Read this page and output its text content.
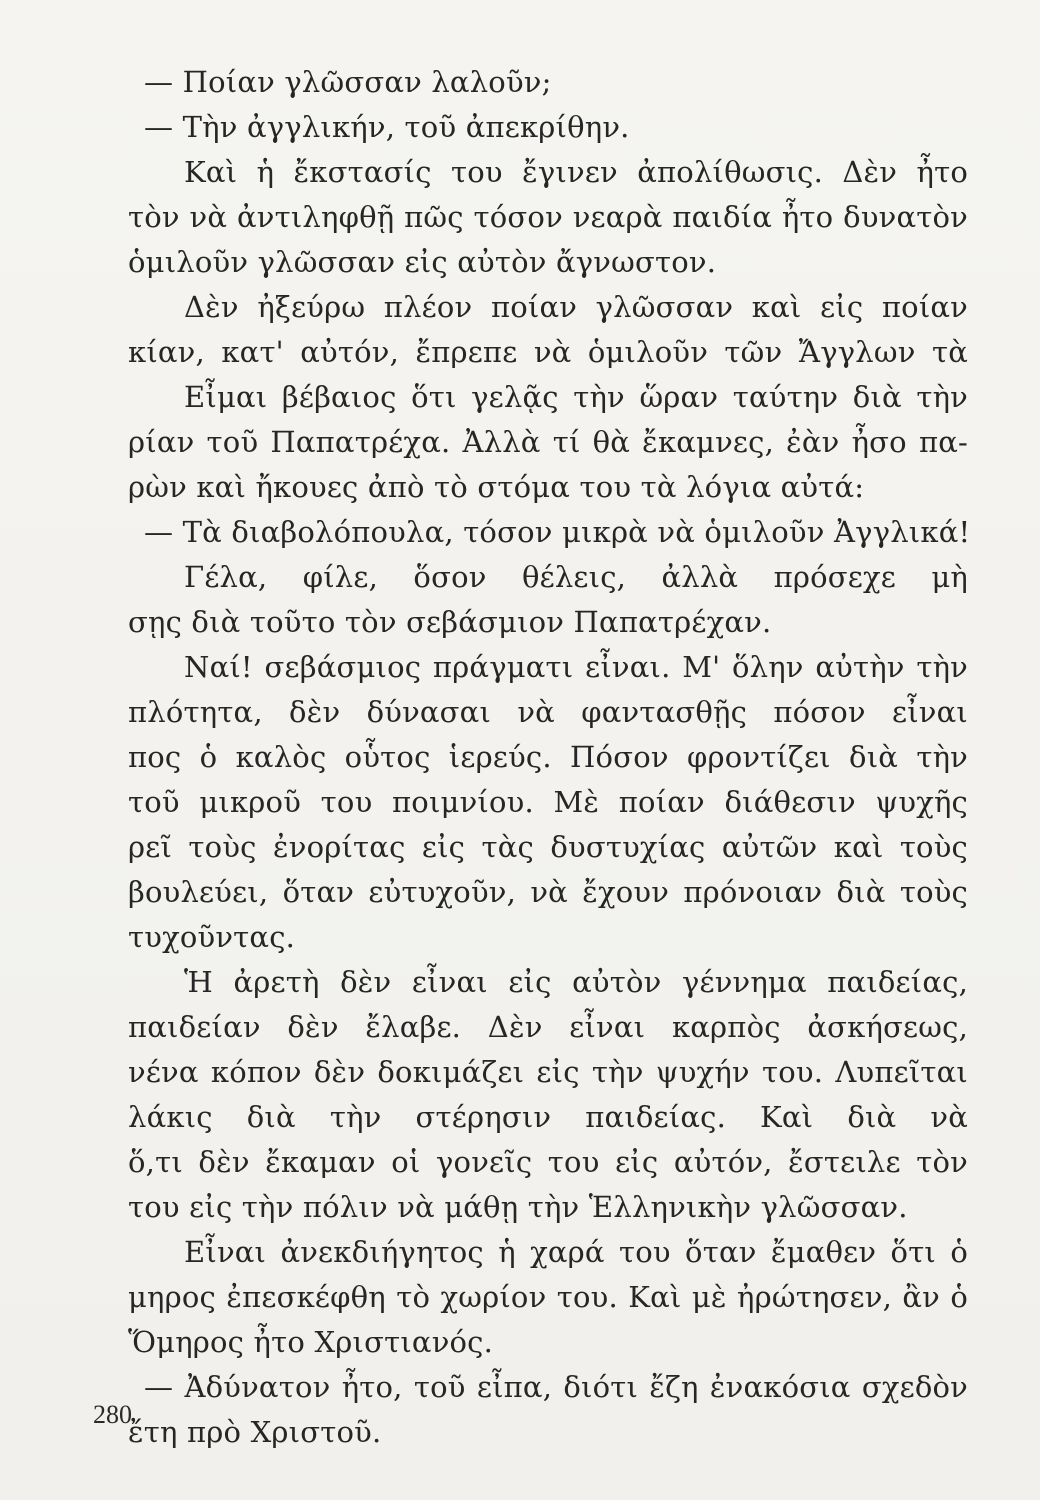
— Ποίαν γλῶσσαν λαλοῦν;
— Τὴν ἀγγλικήν, τοῦ ἀπεκρίθην.
Καὶ ἡ ἔκστασίς του ἔγινεν ἀπολίθωσις. Δὲν ἦτο
τὸν νὰ ἀντιληφθῇ πῶς τόσον νεαρὰ παιδία ἦτο δυνατὸν
ὁμιλοῦν γλῶσσαν εἰς αὐτὸν ἄγνωστον.
Δὲν ἠξεύρω πλέον ποίαν γλῶσσαν καὶ εἰς ποίαν
κίαν, κατ' αὐτόν, ἔπρεπε νὰ ὁμιλοῦν τῶν Ἄγγλων τὰ
Εἶμαι βέβαιος ὅτι γελᾷς τὴν ὥραν ταύτην διὰ τὴν
ρίαν τοῦ Παπατρέχα. Ἀλλὰ τί θὰ ἔκαμνες, ἐὰν ἦσο πα-
ρὼν καὶ ἤκουες ἀπὸ τὸ στόμα του τὰ λόγια αὐτά:
— Τὰ διαβολόπουλα, τόσον μικρὰ νὰ ὁμιλοῦν Ἀγγλικά!
Γέλα, φίλε, ὅσον θέλεις, ἀλλὰ πρόσεχε μὴ
σῃς διὰ τοῦτο τὸν σεβάσμιον Παπατρέχαν.
Ναί! σεβάσμιος πράγματι εἶναι. Μ' ὅλην αὐτὴν τὴν
πλότητα, δὲν δύνασαι νὰ φαντασθῇς πόσον εἶναι
πος ὁ καλὸς οὗτος ἱερεύς. Πόσον φροντίζει διὰ τὴν
τοῦ μικροῦ του ποιμνίου. Μὲ ποίαν διάθεσιν ψυχῆς
ρεῖ τοὺς ἐνορίτας εἰς τὰς δυστυχίας αὐτῶν καὶ τοὺς
βουλεύει, ὅταν εὐτυχοῦν, νὰ ἔχουν πρόνοιαν διὰ τοὺς
τυχοῦντας.
Ἡ ἀρετὴ δὲν εἶναι εἰς αὐτὸν γέννημα παιδείας,
παιδείαν δὲν ἔλαβε. Δὲν εἶναι καρπὸς ἀσκήσεως,
νένα κόπον δὲν δοκιμάζει εἰς τὴν ψυχήν του. Λυπεῖται
λάκις διὰ τὴν στέρησιν παιδείας. Καὶ διὰ νὰ
ὅ,τι δὲν ἔκαμαν οἱ γονεῖς του εἰς αὐτόν, ἔστειλε τὸν
του εἰς τὴν πόλιν νὰ μάθῃ τὴν Ἑλληνικὴν γλῶσσαν.
Εἶναι ἀνεκδιήγητος ἡ χαρά του ὅταν ἔμαθεν ὅτι ὁ
μηρος ἐπεσκέφθη τὸ χωρίον του. Καὶ μὲ ἠρώτησεν, ἂν ὁ
Ὅμηρος ἦτο Χριστιανός.
— Ἀδύνατον ἦτο, τοῦ εἶπα, διότι ἔζη ἐνακόσια σχεδὸν
ἔτη πρὸ Χριστοῦ.
280
